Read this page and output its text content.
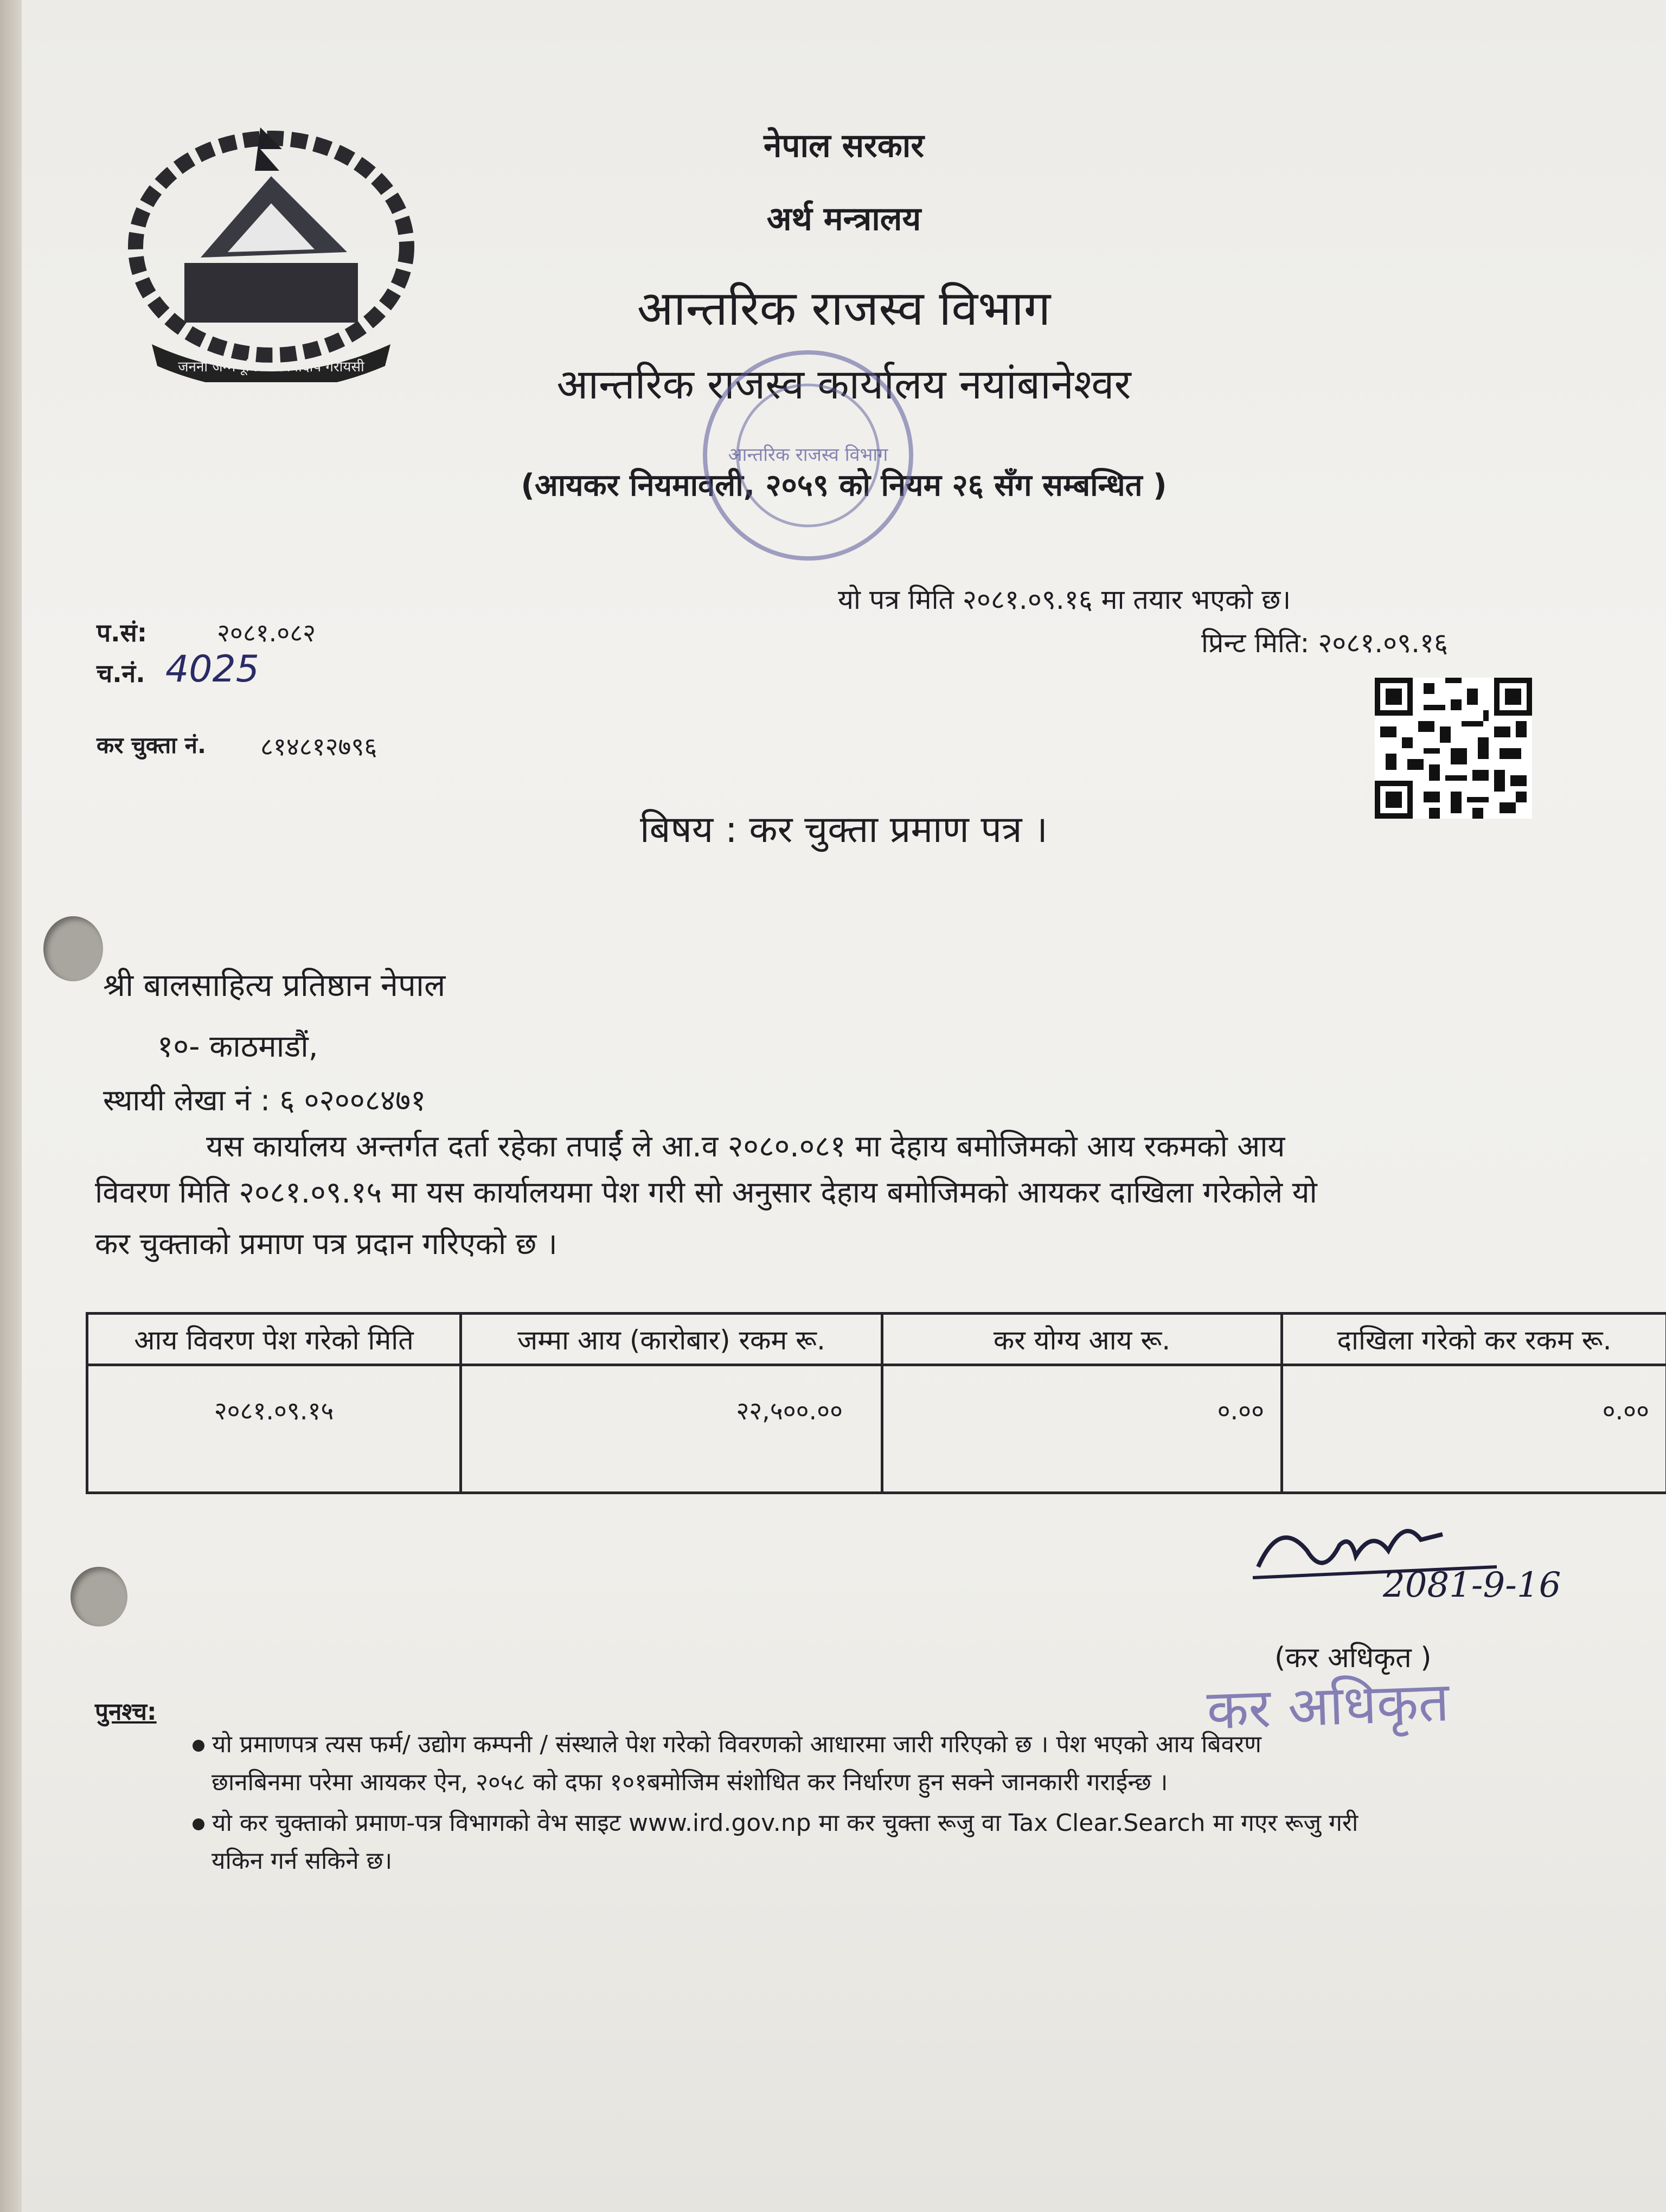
जननी जन्मभूमिश्च स्वर्गादपि गरीयसी
नेपाल सरकार
अर्थ मन्त्रालय
आन्तरिक राजस्व विभाग
आन्तरिक राजस्व कार्यालय नयांबानेश्वर
(आयकर नियमावली, २०५९ को नियम २६ सँग सम्बन्धित )
आन्तरिक राजस्व विभाग
यो पत्र मिति २०८१.०९.१६ मा तयार भएको छ।
प्रिन्ट मिति: २०८१.०९.१६
प.सं:	२०८१.०८२
च.नं. 4025
कर चुक्ता नं. ८१४८१२७९६
बिषय : कर चुक्ता प्रमाण पत्र ।
श्री बालसाहित्य प्रतिष्ठान नेपाल
१०- काठमाडौं,
स्थायी लेखा नं : ६ ०२००८४७१
यस कार्यालय अन्तर्गत दर्ता रहेका तपाईं ले आ.व २०८०.०८१ मा देहाय बमोजिमको आय रकमको आय
विवरण मिति २०८१.०९.१५ मा यस कार्यालयमा पेश गरी सो अनुसार देहाय बमोजिमको आयकर दाखिला गरेकोले यो
कर चुक्ताको प्रमाण पत्र प्रदान गरिएको छ ।
आय विवरण पेश गरेको मिति	जम्मा आय (कारोबार) रकम रू.	कर योग्य आय रू.	दाखिला गरेको कर रकम रू.
२०८१.०९.१५	२२,५००.००	०.००	०.००
2081-9-16
(कर अधिकृत )
कर अधिकृत
पुनश्च:
यो प्रमाणपत्र त्यस फर्म/ उद्योग कम्पनी / संस्थाले पेश गरेको विवरणको आधारमा जारी गरिएको छ । पेश भएको आय बिवरण
छानबिनमा परेमा आयकर ऐन, २०५८ को दफा १०१बमोजिम संशोधित कर निर्धारण हुन सक्ने जानकारी गराईन्छ ।
यो कर चुक्ताको प्रमाण-पत्र विभागको वेभ साइट www.ird.gov.np मा कर चुक्ता रूजु वा Tax Clear.Search मा गएर रूजु गरी
यकिन गर्न सकिने छ।
